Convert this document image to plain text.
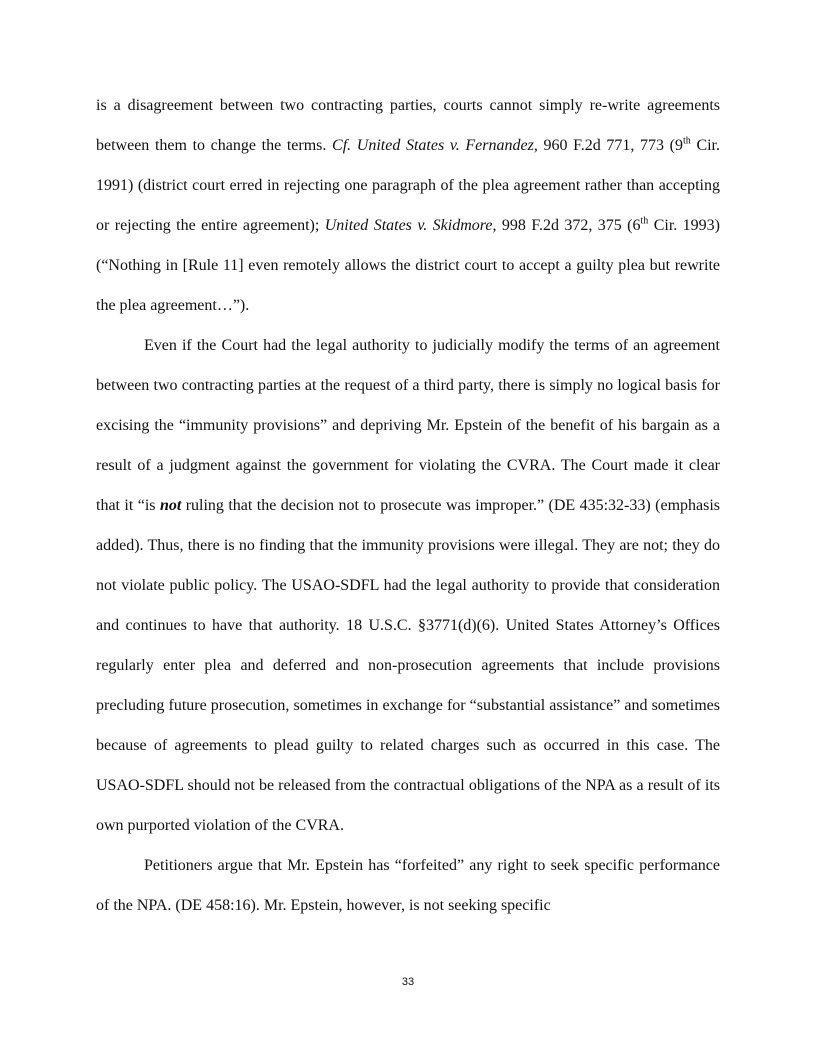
is a disagreement between two contracting parties, courts cannot simply re-write agreements between them to change the terms. Cf. United States v. Fernandez, 960 F.2d 771, 773 (9th Cir. 1991) (district court erred in rejecting one paragraph of the plea agreement rather than accepting or rejecting the entire agreement); United States v. Skidmore, 998 F.2d 372, 375 (6th Cir. 1993) (“Nothing in [Rule 11] even remotely allows the district court to accept a guilty plea but rewrite the plea agreement…”).

Even if the Court had the legal authority to judicially modify the terms of an agreement between two contracting parties at the request of a third party, there is simply no logical basis for excising the “immunity provisions” and depriving Mr. Epstein of the benefit of his bargain as a result of a judgment against the government for violating the CVRA. The Court made it clear that it “is not ruling that the decision not to prosecute was improper.” (DE 435:32-33) (emphasis added). Thus, there is no finding that the immunity provisions were illegal. They are not; they do not violate public policy. The USAO-SDFL had the legal authority to provide that consideration and continues to have that authority. 18 U.S.C. §3771(d)(6). United States Attorney’s Offices regularly enter plea and deferred and non-prosecution agreements that include provisions precluding future prosecution, sometimes in exchange for “substantial assistance” and sometimes because of agreements to plead guilty to related charges such as occurred in this case. The USAO-SDFL should not be released from the contractual obligations of the NPA as a result of its own purported violation of the CVRA.

Petitioners argue that Mr. Epstein has “forfeited” any right to seek specific performance of the NPA. (DE 458:16). Mr. Epstein, however, is not seeking specific

33
